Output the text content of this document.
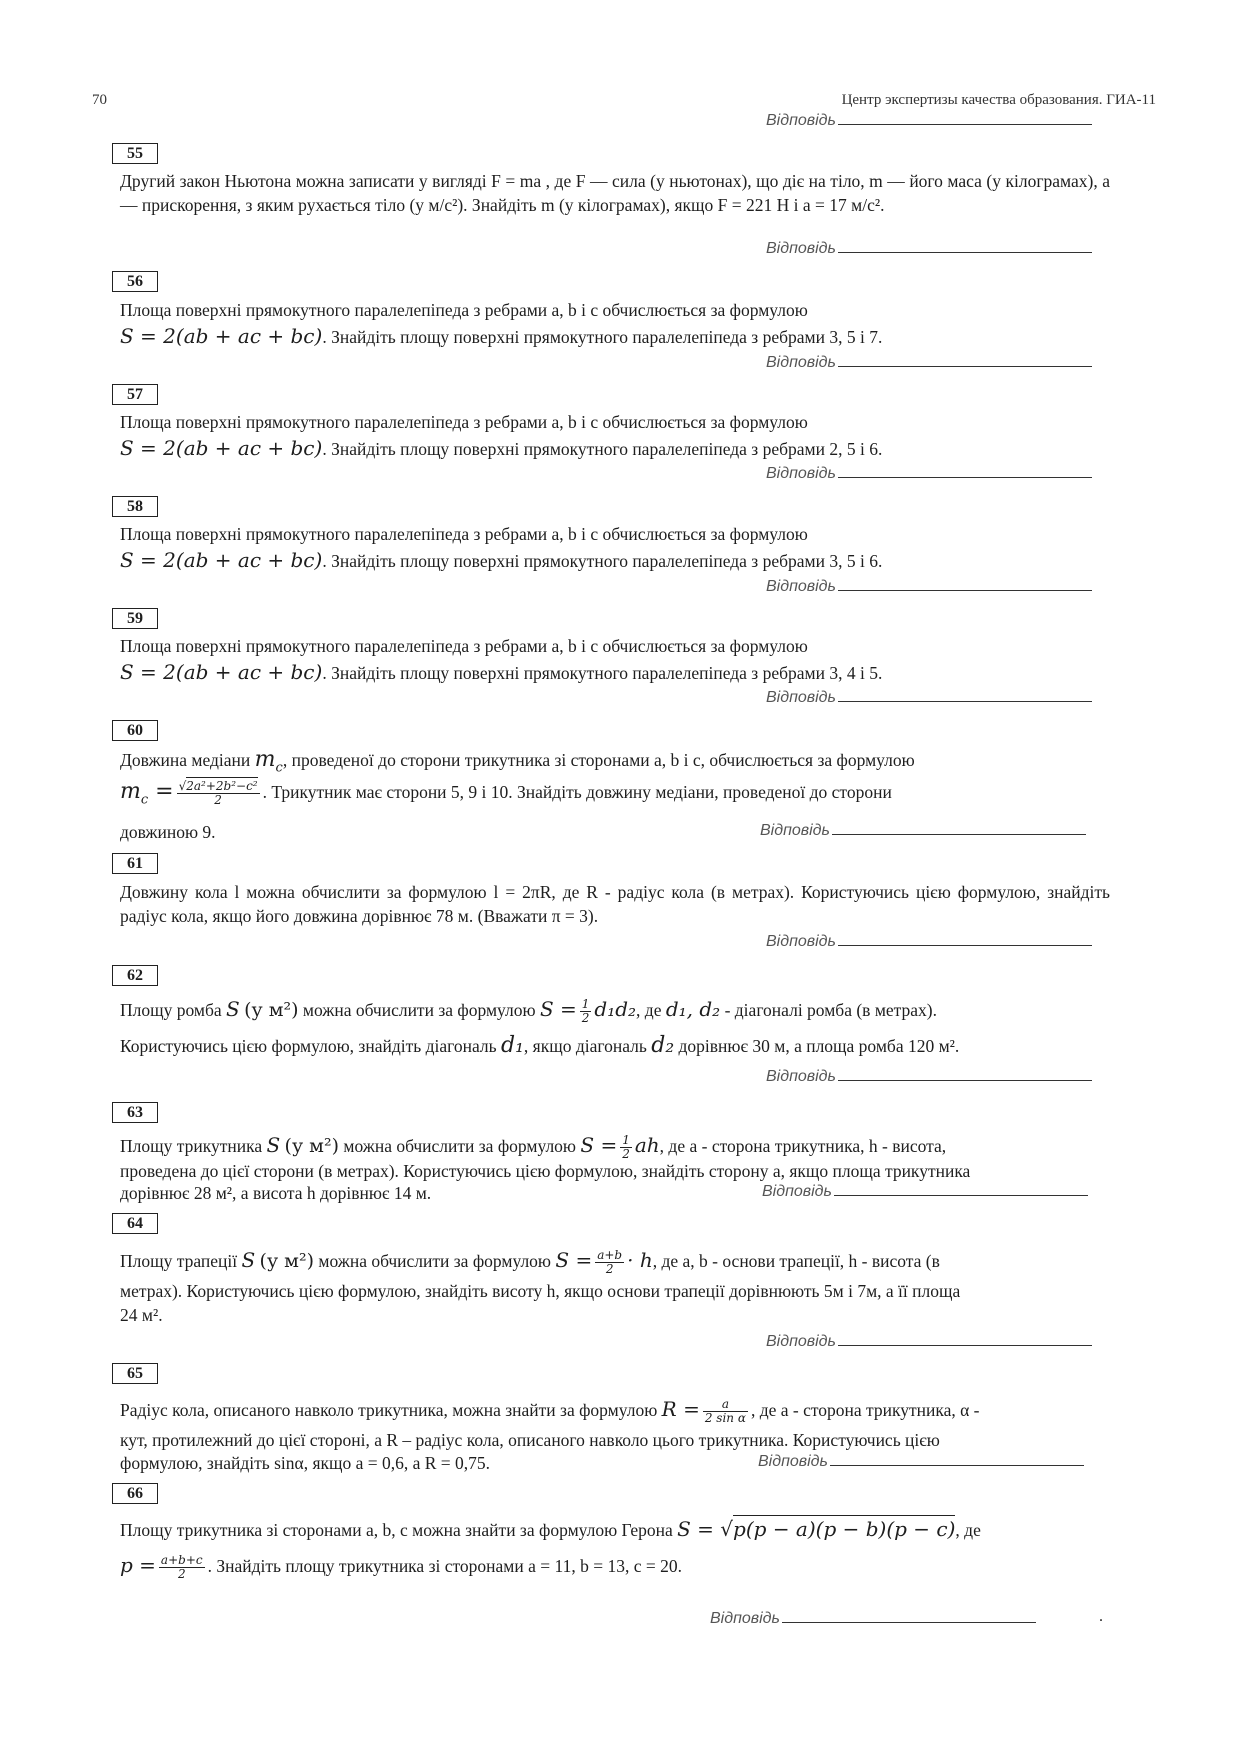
70	Центр экспертизы качества образования. ГИА-11
Відповідь
55
Другий закон Ньютона можна записати у вигляді F = ma , де F — сила (у ньютонах), що діє на тіло, m — його маса (у кілограмах), a — прискорення, з яким рухається тіло (у м/с²). Знайдіть m (у кілограмах), якщо F = 221 Н і a = 17 м/с².
Відповідь
56
Площа поверхні прямокутного паралелепіпеда з ребрами a, b і c обчислюється за формулою
S = 2(ab + ac + bc). Знайдіть площу поверхні прямокутного паралелепіпеда з ребрами 3, 5 і 7.
Відповідь
57
Площа поверхні прямокутного паралелепіпеда з ребрами a, b і c обчислюється за формулою
S = 2(ab + ac + bc). Знайдіть площу поверхні прямокутного паралелепіпеда з ребрами 2, 5 і 6.
Відповідь
58
Площа поверхні прямокутного паралелепіпеда з ребрами a, b і c обчислюється за формулою
S = 2(ab + ac + bc). Знайдіть площу поверхні прямокутного паралелепіпеда з ребрами 3, 5 і 6.
Відповідь
59
Площа поверхні прямокутного паралелепіпеда з ребрами a, b і c обчислюється за формулою
S = 2(ab + ac + bc). Знайдіть площу поверхні прямокутного паралелепіпеда з ребрами 3, 4 і 5.
Відповідь
60
Довжина медіани $m_c$, проведеної до сторони трикутника зі сторонами a, b і c, обчислюється за формулою
$m_c = \frac{\text{√2a²+2b²−c²}}{2}$ . Трикутник має сторони 5, 9 і 10. Знайдіть довжину медіани, проведеної до сторони
довжиною 9.	Відповідь
61
Довжину кола l можна обчислити за формулою l = 2πR, де R - радіус кола (в метрах). Користуючись цією формулою, знайдіть радіус кола, якщо його довжина дорівнює 78 м. (Вважати π = 3).
Відповідь
62
Площу ромба S (у м²) можна обчислити за формулою $S = \frac{1}{2} d_1d_2$, де d₁, d₂ - діагоналі ромба (в метрах).
Користуючись цією формулою, знайдіть діагональ d₁, якщо діагональ d₂ дорівнює 30 м, а площа ромба 120 м².
Відповідь
63
Площу трикутника S (у м²) можна обчислити за формулою $S = \frac{1}{2}$ ah, де a - сторона трикутника, h - висота,
проведена до цієї сторони (в метрах). Користуючись цією формулою, знайдіть сторону a, якщо площа трикутника
дорівнює 28 м², а висота h дорівнює 14 м.	Відповідь
64
Площу трапеції S (у м²) можна обчислити за формулою $S = \frac{a+b}{2} \cdot h$, де a, b - основи трапеції, h - висота (в
метрах). Користуючись цією формулою, знайдіть висоту h, якщо основи трапеції дорівнюють 5м і 7м, а її площа
24 м².
Відповідь
65
Радіус кола, описаного навколо трикутника, можна знайти за формулою $R = \frac{a}{\text{2 sin α}}$ , де a - сторона трикутника, α -
кут, протилежний до цієї стороні, а R – радіус кола, описаного навколо цього трикутника. Користуючись цією
формулою, знайдіть sinα, якщо a = 0,6, а R = 0,75.	Відповідь
66
Площу трикутника зі сторонами a, b, c можна знайти за формулою Герона S = √p(p − a)(p − b)(p − c), де
$p = \frac{a+b+c}{2}$ . Знайдіть площу трикутника зі сторонами a = 11, b = 13, c = 20.
Відповідь	.
